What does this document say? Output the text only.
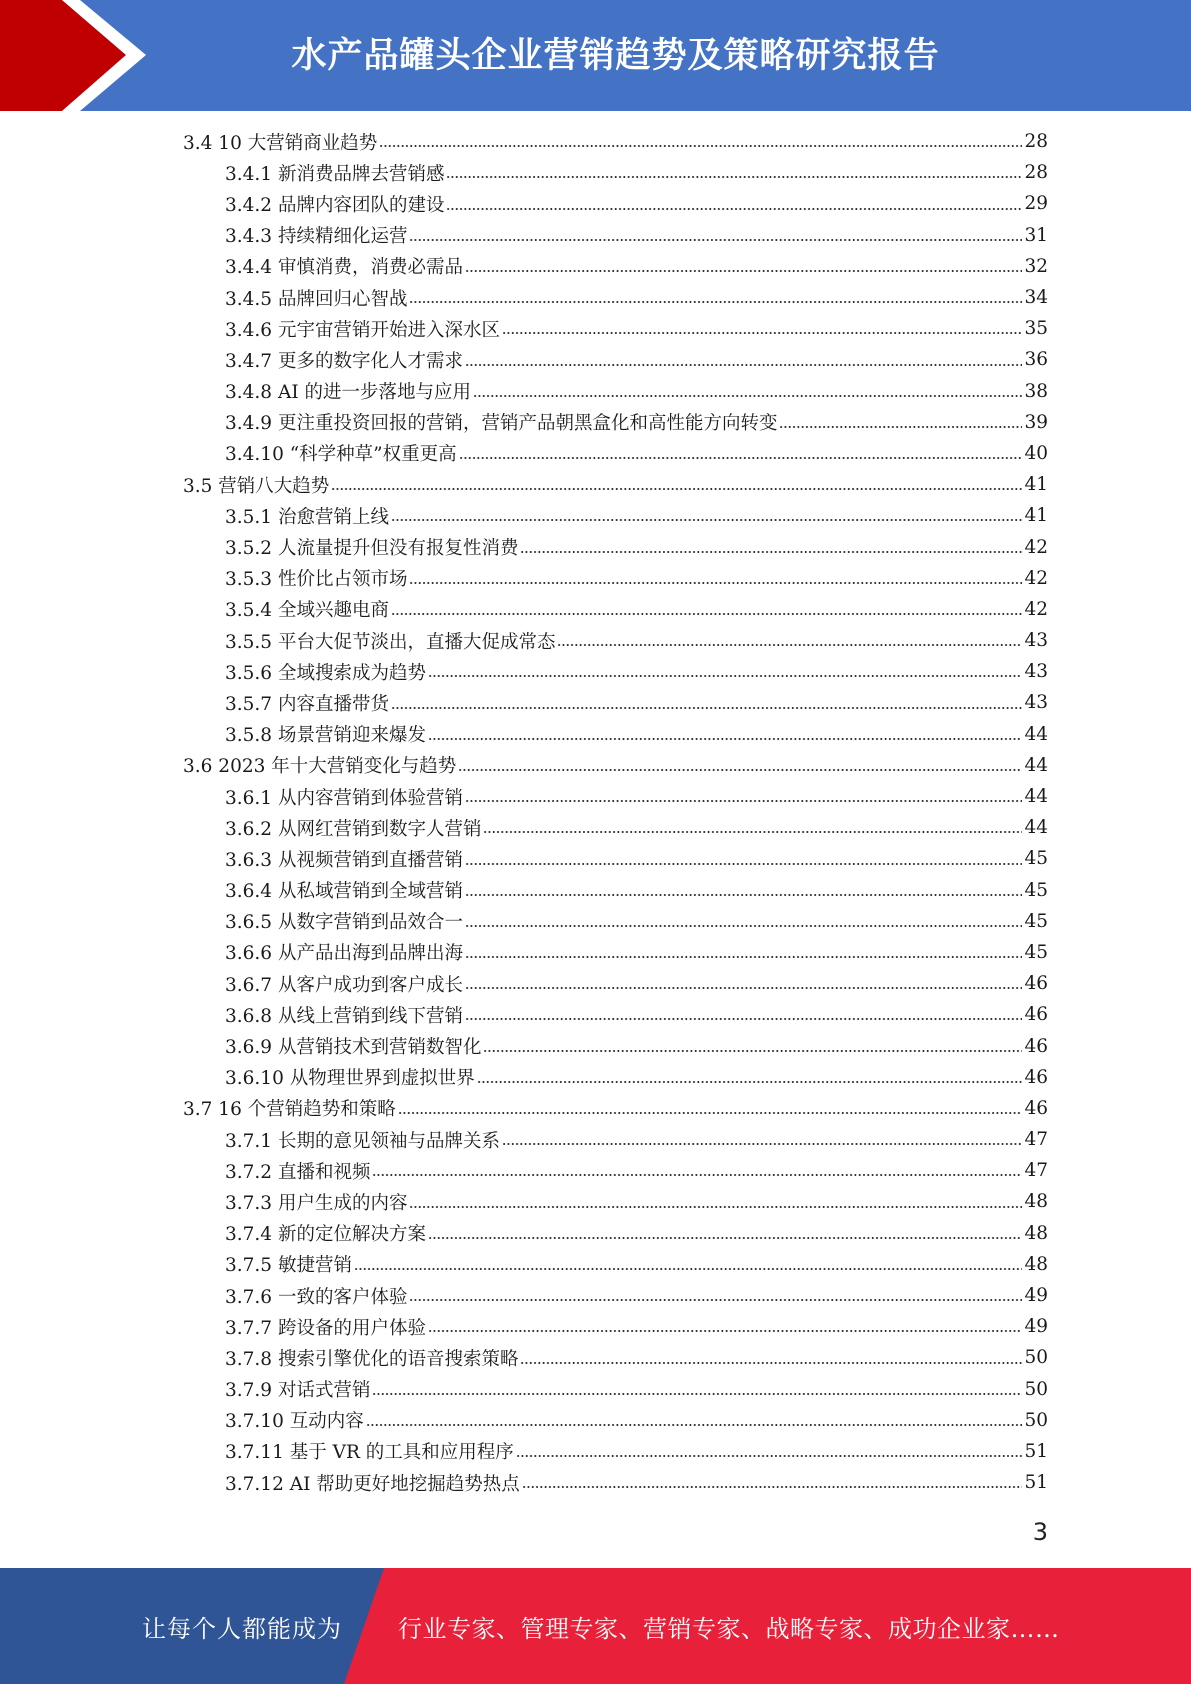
水产品罐头企业营销趋势及策略研究报告
3.4 10 大营销商业趋势	28
3.4.1 新消费品牌去营销感	28
3.4.2 品牌内容团队的建设	29
3.4.3 持续精细化运营	31
3.4.4 审慎消费，消费必需品	32
3.4.5 品牌回归心智战	34
3.4.6 元宇宙营销开始进入深水区	35
3.4.7 更多的数字化人才需求	36
3.4.8 AI 的进一步落地与应用	38
3.4.9 更注重投资回报的营销，营销产品朝黑盒化和高性能方向转变	39
3.4.10 “科学种草”权重更高	40
3.5 营销八大趋势	41
3.5.1 治愈营销上线	41
3.5.2 人流量提升但没有报复性消费	42
3.5.3 性价比占领市场	42
3.5.4 全域兴趣电商	42
3.5.5 平台大促节淡出，直播大促成常态	43
3.5.6 全域搜索成为趋势	43
3.5.7 内容直播带货	43
3.5.8 场景营销迎来爆发	44
3.6 2023 年十大营销变化与趋势	44
3.6.1 从内容营销到体验营销	44
3.6.2 从网红营销到数字人营销	44
3.6.3 从视频营销到直播营销	45
3.6.4 从私域营销到全域营销	45
3.6.5 从数字营销到品效合一	45
3.6.6 从产品出海到品牌出海	45
3.6.7 从客户成功到客户成长	46
3.6.8 从线上营销到线下营销	46
3.6.9 从营销技术到营销数智化	46
3.6.10 从物理世界到虚拟世界	46
3.7 16 个营销趋势和策略	46
3.7.1 长期的意见领袖与品牌关系	47
3.7.2 直播和视频	47
3.7.3 用户生成的内容	48
3.7.4 新的定位解决方案	48
3.7.5 敏捷营销	48
3.7.6 一致的客户体验	49
3.7.7 跨设备的用户体验	49
3.7.8 搜索引擎优化的语音搜索策略	50
3.7.9 对话式营销	50
3.7.10 互动内容	50
3.7.11 基于 VR 的工具和应用程序	51
3.7.12 AI 帮助更好地挖掘趋势热点	51
3
让每个人都能成为 行业专家、管理专家、营销专家、战略专家、成功企业家……
